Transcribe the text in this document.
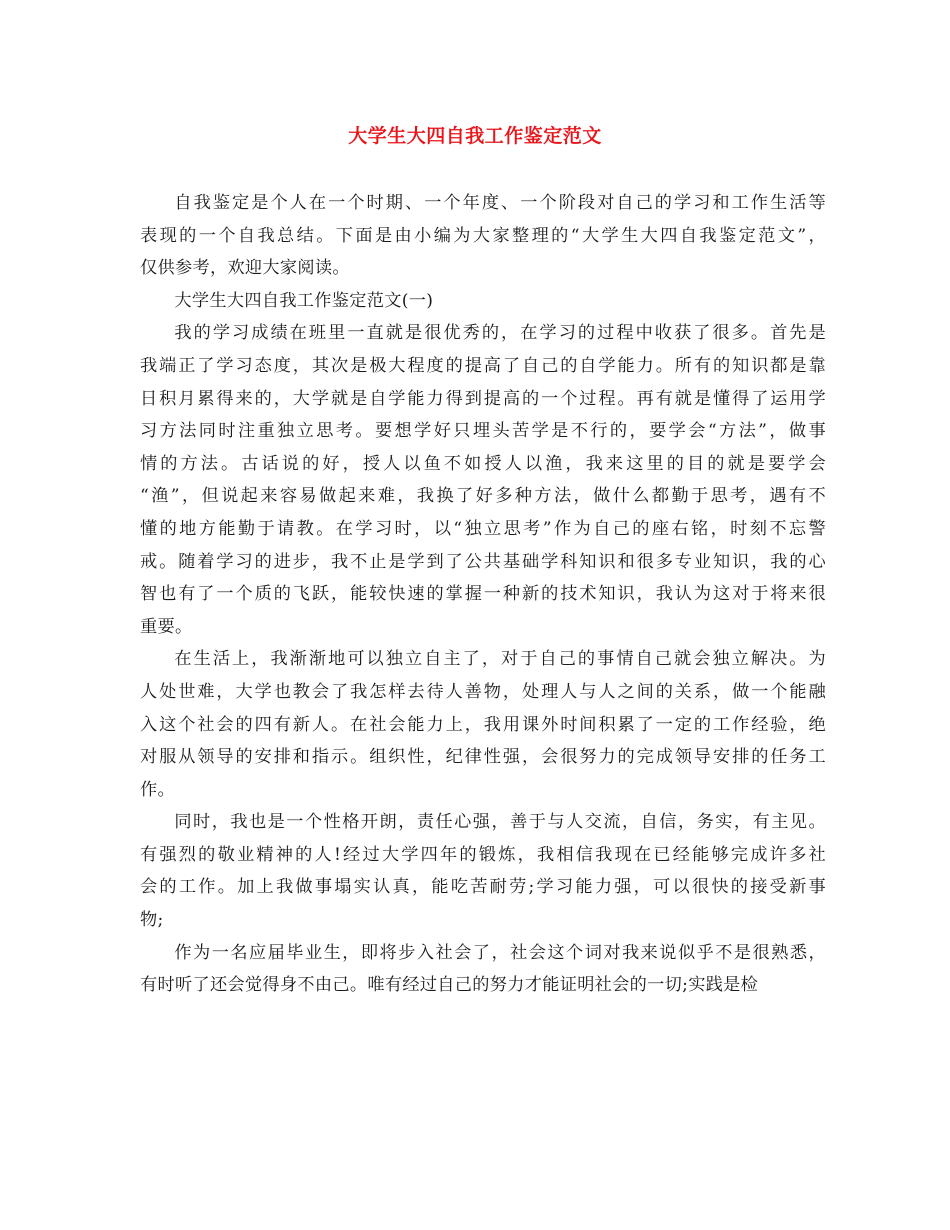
大学生大四自我工作鉴定范文
自我鉴定是个人在一个时期、一个年度、一个阶段对自己的学习和工作生活等
表现的一个自我总结。下面是由小编为大家整理的“大学生大四自我鉴定范文”，
仅供参考，欢迎大家阅读。
大学生大四自我工作鉴定范文(一)
我的学习成绩在班里一直就是很优秀的，在学习的过程中收获了很多。首先是
我端正了学习态度，其次是极大程度的提高了自己的自学能力。所有的知识都是靠
日积月累得来的，大学就是自学能力得到提高的一个过程。再有就是懂得了运用学
习方法同时注重独立思考。要想学好只埋头苦学是不行的，要学会“方法”，做事
情的方法。古话说的好，授人以鱼不如授人以渔，我来这里的目的就是要学会
“渔”，但说起来容易做起来难，我换了好多种方法，做什么都勤于思考，遇有不
懂的地方能勤于请教。在学习时，以“独立思考”作为自己的座右铭，时刻不忘警
戒。随着学习的进步，我不止是学到了公共基础学科知识和很多专业知识，我的心
智也有了一个质的飞跃，能较快速的掌握一种新的技术知识，我认为这对于将来很
重要。
在生活上，我渐渐地可以独立自主了，对于自己的事情自己就会独立解决。为
人处世难，大学也教会了我怎样去待人善物，处理人与人之间的关系，做一个能融
入这个社会的四有新人。在社会能力上，我用课外时间积累了一定的工作经验，绝
对服从领导的安排和指示。组织性，纪律性强，会很努力的完成领导安排的任务工
作。
同时，我也是一个性格开朗，责任心强，善于与人交流，自信，务实，有主见。
有强烈的敬业精神的人!经过大学四年的锻炼，我相信我现在已经能够完成许多社
会的工作。加上我做事塌实认真，能吃苦耐劳;学习能力强，可以很快的接受新事
物;
作为一名应届毕业生，即将步入社会了，社会这个词对我来说似乎不是很熟悉，
有时听了还会觉得身不由己。唯有经过自己的努力才能证明社会的一切;实践是检
